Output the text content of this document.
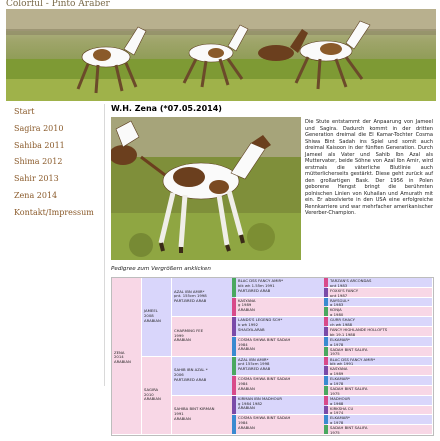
Colorful - Pinto Araber
Start
Sagira 2010
Sahiba 2011
Shima 2012
Sahir 2013
Zena 2014
Kontakt/Impressum
W.H. Zena (*07.05.2014)
Die Stute entstammt der Anpaarung von Jameel und Sagira. Dadurch kommt in der dritten Generation dreimal die El Kamar-Tochter Cosma Shiwa Bint Sadah ins Spiel und somit auch dreimal Kaisoon in der fünften Generation. Durch Jameel als Vater und Sahib Ibn Azal als Muttervater, beide Söhne von Azal Ibn Amir, wird erstmals die väterliche Blutlinie auch mütterlicherseits gestärkt. Diese geht zurück auf den großartigen Bask. Der 1956 in Polen geborene Hengst bringt die berühmten polnischen Linien von Kuhailan und Amurath mit ein. Er absolvierte in den USA eine erfolgreiche Rennkarriere und war mehrfacher amerikanischer Vererber-Champion.
Pedigree zum Vergrößern anklicken
ZENA
2014
ARABIAN
JAMEEL
2008
ARABIAN
SAGIRA
2010
ARABIAN
AZAL IBN AMIR*
pnt. 155cm 1998
PART-BRED ARAB
CHARMING FEE
1999
ARABIAN
SAHIB IBN AZAL *
2006
PART-BRED ARAB
SAHIBA BINT KIRMAN
1991
ARABIAN
BLAC DSS FANCY AMIR*
blk wh 1.55m 1991
PART-BRED ARAB
KASYANA
g 1989
ARABIAN
LANDS'S LEGEND SCH*
b wh 1992
SHAGYA-ARAB
COSMA SHIWA BINT SADAH
1984
ARABIAN
AZAL IBN AMIR*
pnt 155cm 1998
PART-BRED ARAB
COSMA SHIWA BINT SADAH
1984
ARABIAN
KIRMAN IBN MADHOUR
g 1984 1982
ARABIAN
COSMA SHIWA BINT SADAH
1984
ARABIAN
TARZAN'S ARCONDAS
pnt 1983
FOXXI'S FANCY
pnt 1987
RAYSGUL*
g 1983
KONJA
g 1980
GURR SHACY
ch wh 1988
FANCY HIGHLANDE HOLLOFTS
bk 19.1 1988
ELKAMAR*
g 1978
SADAH BINT SALIFA
1975
BLAC DSS FANCY AMIR*
blk wh 1991
KASYANA
g 1989
ELKAMAR*
g 1978
SADAH BINT SALIFA
1975
MADHOUR
g 1968
KIRKSHA CU
g 1974
ELKAMAR*
g 1978
SADAH BINT SALIFA
1975
